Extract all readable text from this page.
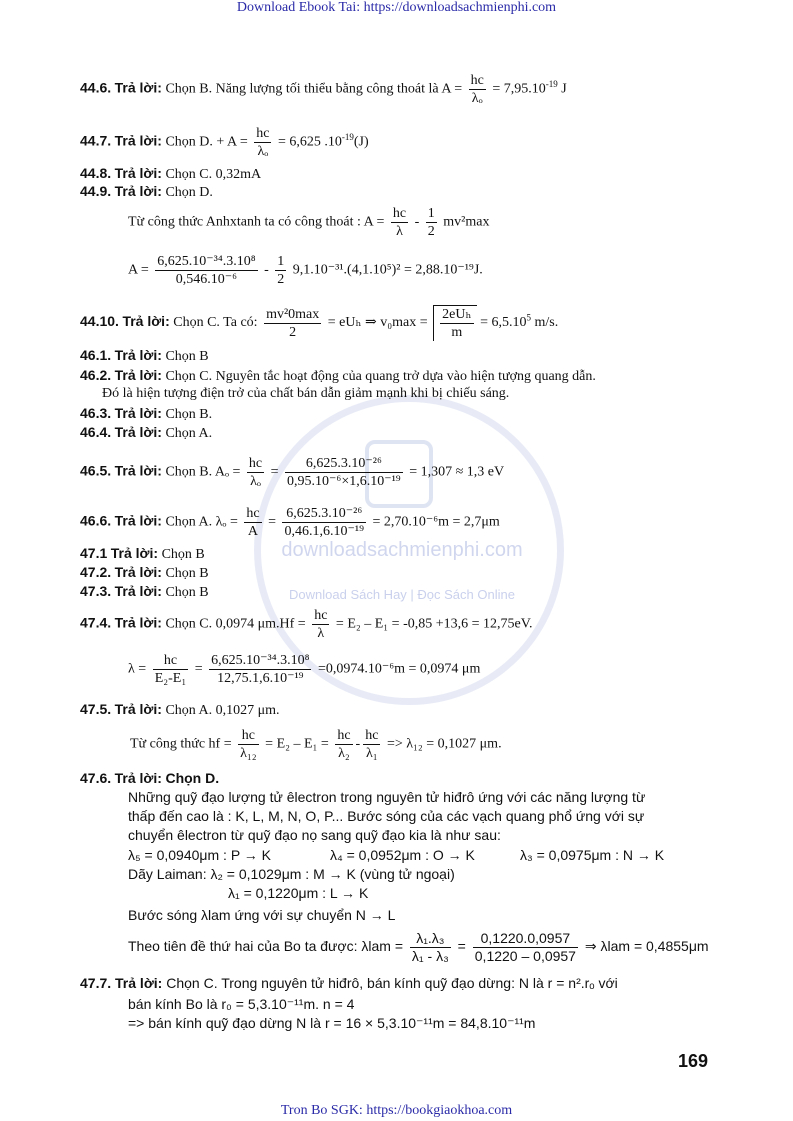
Download Ebook Tai: https://downloadsachmienphi.com
Tron Bo SGK: https://bookgiaokhoa.com
downloadsachmienphi.com
Download Sách Hay | Đọc Sách Online
44.6. Trả lời: Chọn B. Năng lượng tối thiểu bằng công thoát là $A = \frac{hc}{\text{λₒ}} = 7,95.10^{-19}$ J
44.7. Trả lời: Chọn D. + $A = \frac{hc}{\text{λₒ}} = 6,625$ $.10^{-19}(J)$
44.8. Trả lời: Chọn C. 0,32mA
44.9. Trả lời: Chọn D.
Từ công thức Anhxtanh ta có công thoát : $A = \frac{hc}{\lambda} - \frac{1}{2} mv^2\max$
$A = \frac{\text{6,625.10⁻³⁴.3.10⁸}}{\text{0,546.10⁻⁶}} - \frac{1}{2} 9,1.10^{-31}.(4,1.10^5)^2 = 2,88.10^{-19}J$.
44.10. Trả lời: Chọn C. Ta có: $\frac{\text{mv²0max}}{2} = eU_h$ ⇒ $v_0\max = \frac{\text{2eUₕ}}{m} = 6,5.10^5$ m/s.
46.1. Trả lời: Chọn B
46.2. Trả lời: Chọn C. Nguyên tắc hoạt động của quang trở dựa vào hiện tượng quang dẫn.
Đó là hiện tượng điện trở của chất bán dẫn giảm mạnh khi bị chiếu sáng.
46.3. Trả lời: Chọn B.
46.4. Trả lời: Chọn A.
46.5. Trả lời: Chọn B. $A_o = \frac{hc}{\text{λₒ}} = \frac{\text{6,625.3.10⁻²⁶}}{\text{0,95.10⁻⁶×1,6.10⁻¹⁹}} = 1,307 \approx 1,3$ eV
46.6. Trả lời: Chọn A. $\lambda_o = \frac{hc}{A} = \frac{\text{6,625.3.10⁻²⁶}}{\text{0,46.1,6.10⁻¹⁹}} = 2,70.10^{-6}m = 2,7\mu m$
47.1 Trả lời: Chọn B
47.2. Trả lời: Chọn B
47.3. Trả lời: Chọn B
47.4. Trả lời: Chọn C. 0,0974 $\mu m.Hf = \frac{hc}{\lambda} = E_2 - E_1 = -0,85 +13,6 = 12,75eV$.
$\lambda = \frac{hc}{\text{E₂-E₁}} = \frac{\text{6,625.10⁻³⁴.3.10⁸}}{\text{12,75.1,6.10⁻¹⁹}} =0,0974.10^{-6}m = 0,0974$ μm
47.5. Trả lời: Chọn A. 0,1027 μm.
Từ công thức hf = $\frac{hc}{\text{λ₁₂}} = E_2 - E_1 = \frac{hc}{\text{λ₂}} - \frac{hc}{\text{λ₁}} => \lambda_{12} = 0,1027$ μm.
47.6. Trả lời: Chọn D.
Những quỹ đạo lượng tử êlectron trong nguyên tử hiđrô ứng với các năng lượng từ
thấp đến cao là : K, L, M, N, O, P... Bước sóng của các vạch quang phổ ứng với sự
chuyển êlectron từ quỹ đạo nọ sang quỹ đạo kia là như sau:
λ₅ = 0,0940μm : P → K	λ₄ = 0,0952μm : O → K	λ₃ = 0,0975μm : N → K
Dãy Laiman: λ₂ = 0,1029μm : M → K (vùng tử ngoại)
λ₁ = 0,1220μm : L → K
Bước sóng λlam ứng với sự chuyển N → L
Theo tiên đề thứ hai của Bo ta được: $\lambda lam = \frac{\text{λ₁.λ₃}}{\text{λ₁ - λ₃}} = \frac{0,1220.0,0957}{0,1220 - 0,0957}$ ⇒ λlam = 0,4855μm
47.7. Trả lời: Chọn C. Trong nguyên tử hiđrô, bán kính quỹ đạo dừng: N là r = n².rₒ với
bán kính Bo là r₀ = 5,3.10⁻¹¹m. n = 4
=> bán kính quỹ đạo dừng N là r = 16 × 5,3.10⁻¹¹m = 84,8.10⁻¹¹m
169
